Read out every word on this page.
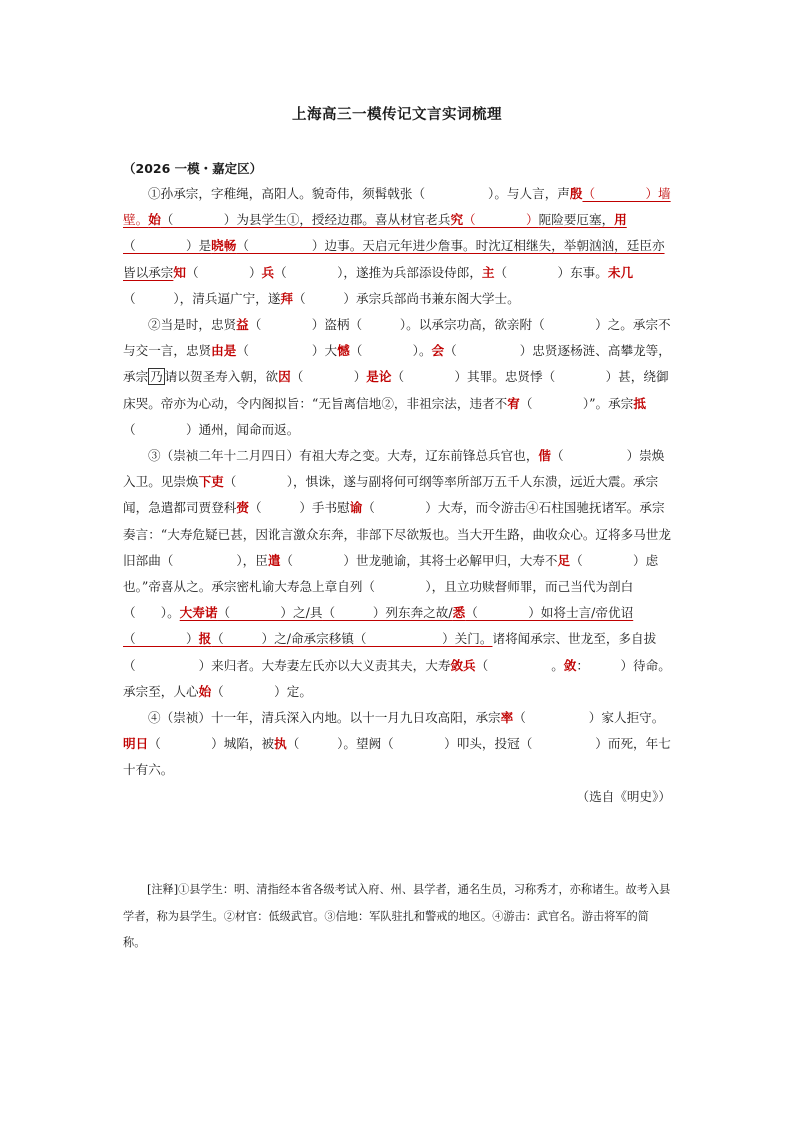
上海高三一模传记文言实词梳理
（2026 一模・嘉定区）

①孙承宗，字稚绳，高阳人。貌奇伟，须髯戟张（　　　　　）。与人言，声殷（　　　　）墙壁。始（　　　　）为县学生①，授经边郡。喜从材官老兵究（　　　　）阨险要厄塞，用（　　　　）是晓畅（　　　　　）边事。天启元年进少詹事。时沈辽相继失，举朝汹汹，廷臣亦皆以承宗知（　　　　）兵（　　　　），遂推为兵部添设侍郎，主（　　　　）东事。未几（　　　），清兵逼广宁，遂拜（　　　）承宗兵部尚书兼东阁大学士。

②当是时，忠贤益（　　　　）盗柄（　　　）。以承宗功高，欲亲附（　　　　）之。承宗不与交一言，忠贤由是（　　　　　）大憾（　　　　）。会（　　　　　）忠贤逐杨涟、高攀龙等，承宗 乃 请以贺圣寿入朝，欲因（　　　　）是论（　　　　）其罪。忠贤悸（　　　　）甚，绕御床哭。帝亦为心动，令内阁拟旨：“无旨离信地②，非祖宗法，违者不宥（　　　　）”。承宗抵（　　　　）通州，闻命而返。

③（崇祯二年十二月四日）有祖大寿之变。大寿，辽东前锋总兵官也，偕（　　　　　）崇焕入卫。见崇焕下吏（　　　　），惧诛，遂与副将何可纲等率所部万五千人东溃，远近大震。承宗闻，急遣都司贾登科赍（　　　）手书慰谕（　　　　）大寿，而令游击④石柱国驰抚诸军。承宗奏言：“大寿危疑已甚，因讹言激众东奔，非部下尽欲叛也。当大开生路，曲收众心。辽将多马世龙旧部曲（　　　　　），臣遣（　　　　）世龙驰谕，其将士必解甲归，大寿不足（　　　　）虑也。”帝喜从之。承宗密札谕大寿急上章自列（　　　　），且立功赎督师罪，而己当代为剖白（　　）。大寿诺（　　　　）之/具（　　　）列东奔之故/悉（　　　　）如将士言/帝优诏（　　　　）报（　　　）之/命承宗移镇（　　　　　　）关门。诸将闻承宗、世龙至，多自拔（　　　　　）来归者。大寿妻左氏亦以大义责其夫，大寿敛兵（　　　　　。敛：　　　）待命。承宗至，人心始（　　　　）定。

④（崇祯）十一年，清兵深入内地。以十一月九日攻高阳，承宗率（　　　　　）家人拒守。明日（　　　　）城陷，被执（　　　）。望阙（　　　　）叩头，投冠（　　　　　）而死，年七十有六。

（选自《明史》）

[注释]①县学生：明、清指经本省各级考试入府、州、县学者，通名生员，习称秀才，亦称诸生。故考入县学者，称为县学生。②材官：低级武官。③信地：军队驻扎和警戒的地区。④游击：武官名。游击将军的简称。
